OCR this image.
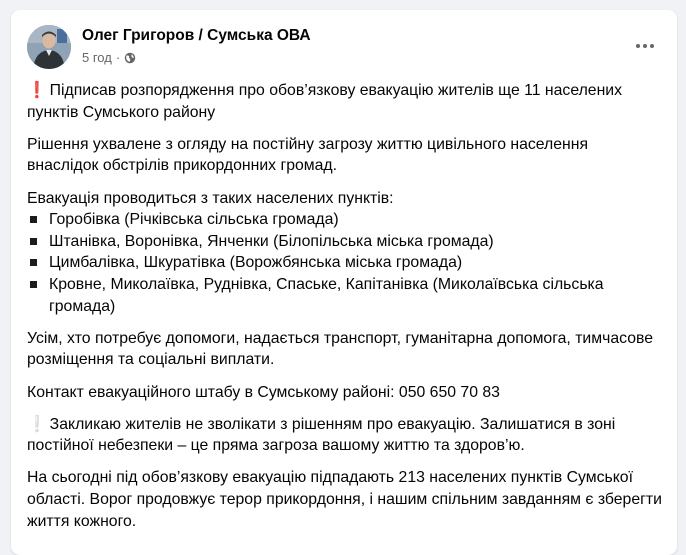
Олег Григоров / Сумська ОВА
5 год ·

❗ Підписав розпорядження про обов’язкову евакуацію жителів ще 11 населених пунктів Сумського району

Рішення ухвалене з огляду на постійну загрозу життю цивільного населення внаслідок обстрілів прикордонних громад.

Евакуація проводиться з таких населених пунктів:
Горобівка (Річківська сільська громада)
Штанівка, Воронівка, Янченки (Білопільська міська громада)
Цимбалівка, Шкуратівка (Ворожбянська міська громада)
Кровне, Миколаївка, Руднівка, Спаське, Капітанівка (Миколаївська сільська громада)

Усім, хто потребує допомоги, надається транспорт, гуманітарна допомога, тимчасове розміщення та соціальні виплати.

Контакт евакуаційного штабу в Сумському районі: 050 650 70 83

❕ Закликаю жителів не зволікати з рішенням про евакуацію. Залишатися в зоні постійної небезпеки – це пряма загроза вашому життю та здоров’ю.

На сьогодні під обов’язкову евакуацію підпадають 213 населених пунктів Сумської області. Ворог продовжує терор прикордоння, і нашим спільним завданням є зберегти життя кожного.
